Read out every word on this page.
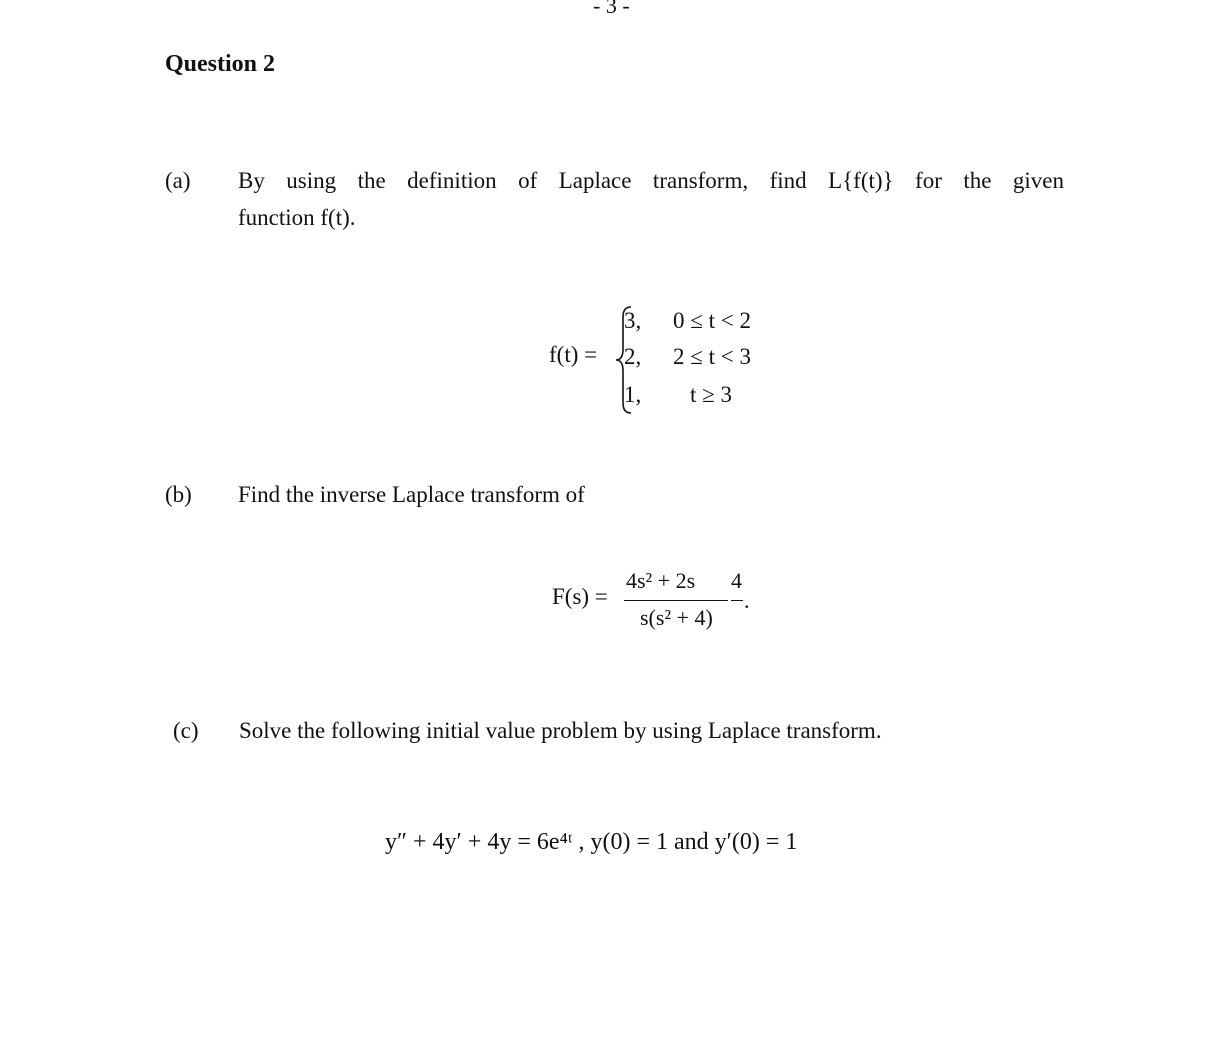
- 3 -
Question 2
(a) By using the definition of Laplace transform, find L{f(t)} for the given
function f(t).
f(t) =
3, 0 ≤ t < 2
2, 2 ≤ t < 3
1, t ≥ 3
(b) Find the inverse Laplace transform of
F(s) =
4s² + 2s
s(s² + 4)
4
.
(c) Solve the following initial value problem by using Laplace transform.
y″ + 4y′ + 4y = 6e⁴ᵗ , y(0) = 1 and y′(0) = 1
